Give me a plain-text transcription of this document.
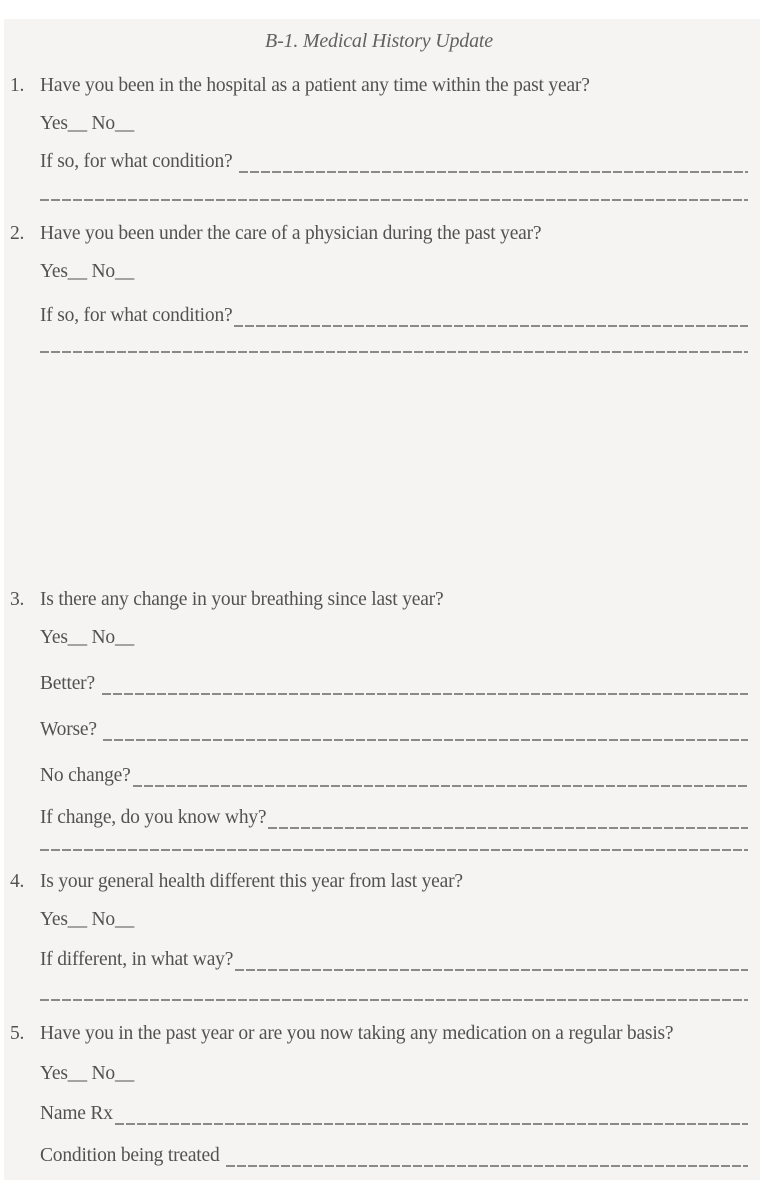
B-1. Medical History Update
1. Have you been in the hospital as a patient any time within the past year?
Yes__ No__
If so, for what condition?
2. Have you been under the care of a physician during the past year?
Yes__ No__
If so, for what condition?
3. Is there any change in your breathing since last year?
Yes__ No__
Better?
Worse?
No change?
If change, do you know why?
4. Is your general health different this year from last year?
Yes__ No__
If different, in what way?
5. Have you in the past year or are you now taking any medication on a regular basis?
Yes__ No__
Name Rx
Condition being treated
